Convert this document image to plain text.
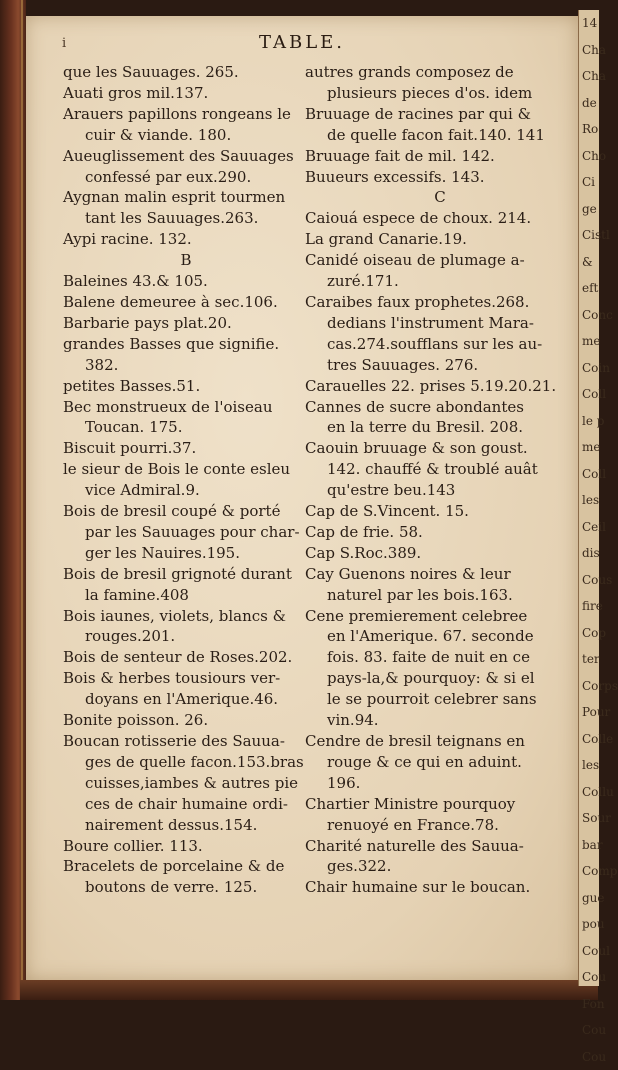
i	TABLE.
que les Sauuages. 265.
Auati gros mil.137.
Arauers papillons rongeans le
cuir & viande. 180.
Aueuglissement des Sauuages
confessé par eux.290.
Aygnan malin esprit tourmen
tant les Sauuages.263.
Aypi racine. 132.
B
Baleines 43.& 105.
Balene demeuree à sec.106.
Barbarie pays plat.20.
grandes Basses que signifie.
382.
petites Basses.51.
Bec monstrueux de l'oiseau
Toucan. 175.
Biscuit pourri.37.
le sieur de Bois le conte esleu
vice Admiral.9.
Bois de bresil coupé & porté
par les Sauuages pour char-
ger les Nauires.195.
Bois de bresil grignoté durant
la famine.408
Bois iaunes, violets, blancs &
rouges.201.
Bois de senteur de Roses.202.
Bois & herbes tousiours ver-
doyans en l'Amerique.46.
Bonite poisson. 26.
Boucan rotisserie des Sauua-
ges de quelle facon.153.bras
cuisses,iambes & autres pie
ces de chair humaine ordi-
nairement dessus.154.
Boure collier. 113.
Bracelets de porcelaine & de
boutons de verre. 125.
autres grands composez de
plusieurs pieces d'os. idem
Bruuage de racines par qui &
de quelle facon fait.140. 141
Bruuage fait de mil. 142.
Buueurs excessifs. 143.
C
Caiouá espece de choux. 214.
La grand Canarie.19.
Canidé oiseau de plumage a-
zuré.171.
Caraibes faux prophetes.268.
dedians l'instrument Mara-
cas.274.soufflans sur les au-
tres Sauuages. 276.
Carauelles 22. prises 5.19.20.21.
Cannes de sucre abondantes
en la terre du Bresil. 208.
Caouin bruuage & son goust.
142. chauffé & troublé auât
qu'estre beu.143
Cap de S.Vincent. 15.
Cap de frie. 58.
Cap S.Roc.389.
Cay Guenons noires & leur
naturel par les bois.163.
Cene premierement celebree
en l'Amerique. 67. seconde
fois. 83. faite de nuit en ce
pays-la,& pourquoy: & si el
le se pourroit celebrer sans
vin.94.
Cendre de bresil teignans en
rouge & ce qui en aduint.
196.
Chartier Ministre pourquoy
renuoyé en France.78.
Charité naturelle des Sauua-
ges.322.
Chair humaine sur le boucan.
14
Cha
Cha
de
Ro
Cho
Ci
ge
Cistl
&
eft
Conc
me
Coin
Coll
le p
me
Coll
les
Ceil
dis
Cous
fire
Cop
ter
Corps
Pour
Colle
les
Collu
Sour
bar
Comp
gue
pou
Coul
Cou
Fon
Cou
Cou
